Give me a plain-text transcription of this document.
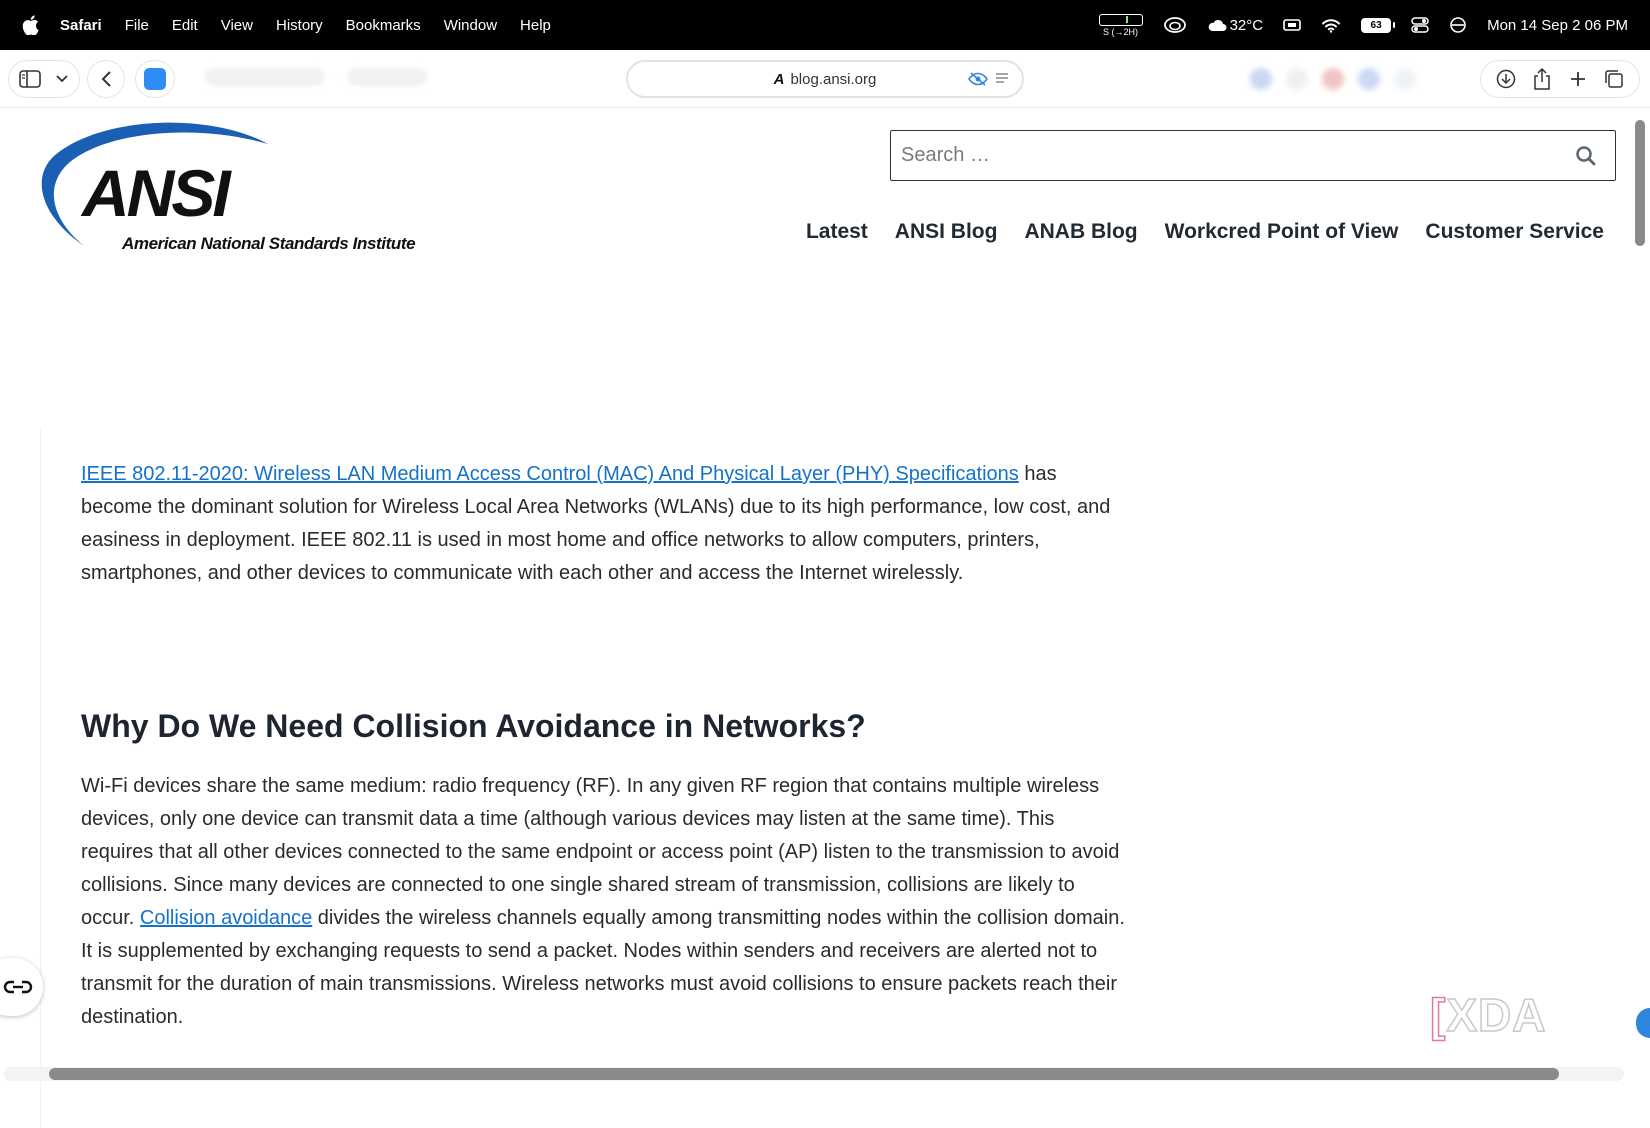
Safari File Edit View History Bookmarks Window Help	S (→2H)	32°C	63	Mon 14 Sep 2 06 PM
A blog.ansi.org
ANSI
American National Standards Institute
Search …
Latest ANSI Blog ANAB Blog Workcred Point of View Customer Service

IEEE 802.11-2020: Wireless LAN Medium Access Control (MAC) And Physical Layer (PHY) Specifications has become the dominant solution for Wireless Local Area Networks (WLANs) due to its high performance, low cost, and easiness in deployment. IEEE 802.11 is used in most home and office networks to allow computers, printers, smartphones, and other devices to communicate with each other and access the Internet wirelessly.

Why Do We Need Collision Avoidance in Networks?

Wi-Fi devices share the same medium: radio frequency (RF). In any given RF region that contains multiple wireless devices, only one device can transmit data a time (although various devices may listen at the same time). This requires that all other devices connected to the same endpoint or access point (AP) listen to the transmission to avoid collisions. Since many devices are connected to one single shared stream of transmission, collisions are likely to occur. Collision avoidance divides the wireless channels equally among transmitting nodes within the collision domain. It is supplemented by exchanging requests to send a packet. Nodes within senders and receivers are alerted not to transmit for the duration of main transmissions. Wireless networks must avoid collisions to ensure packets reach their destination.	[XDA
